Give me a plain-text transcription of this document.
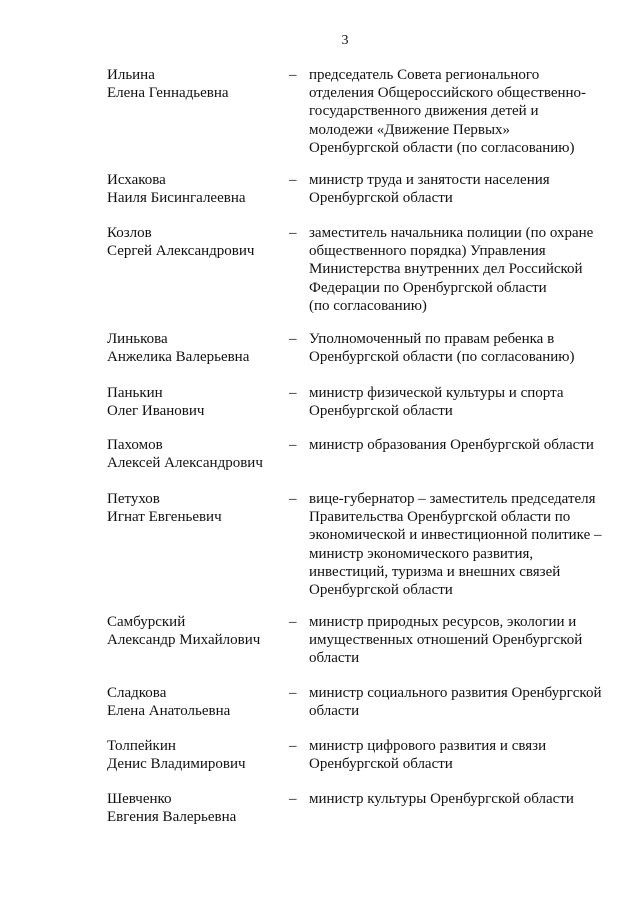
3
Ильина
Елена Геннадьевна
– председатель Совета регионального
отделения Общероссийского общественно-
государственного движения детей и
молодежи «Движение Первых»
Оренбургской области (по согласованию)
Исхакова
Наиля Бисингалеевна
– министр труда и занятости населения
Оренбургской области
Козлов
Сергей Александрович
– заместитель начальника полиции (по охране
общественного порядка) Управления
Министерства внутренних дел Российской
Федерации по Оренбургской области
(по согласованию)
Линькова
Анжелика Валерьевна
– Уполномоченный по правам ребенка в
Оренбургской области (по согласованию)
Панькин
Олег Иванович
– министр физической культуры и спорта
Оренбургской области
Пахомов
Алексей Александрович
– министр образования Оренбургской области
Петухов
Игнат Евгеньевич
– вице-губернатор – заместитель председателя
Правительства Оренбургской области по
экономической и инвестиционной политике –
министр экономического развития,
инвестиций, туризма и внешних связей
Оренбургской области
Самбурский
Александр Михайлович
– министр природных ресурсов, экологии и
имущественных отношений Оренбургской
области
Сладкова
Елена Анатольевна
– министр социального развития Оренбургской
области
Толпейкин
Денис Владимирович
– министр цифрового развития и связи
Оренбургской области
Шевченко
Евгения Валерьевна
– министр культуры Оренбургской области
